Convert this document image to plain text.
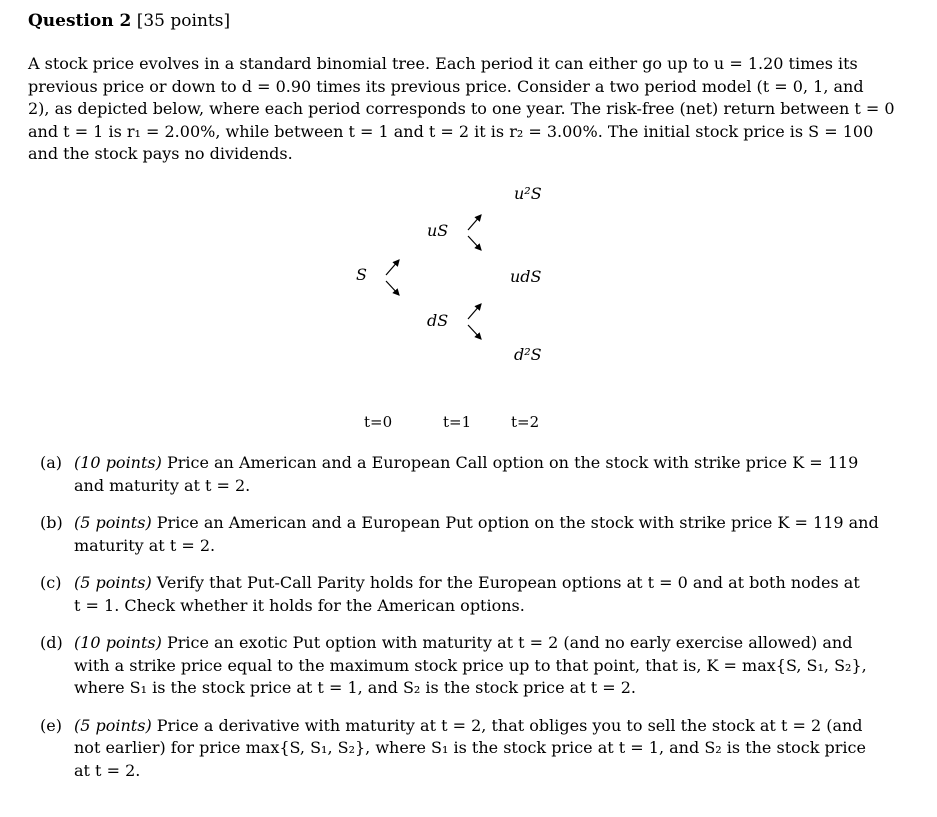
Question 2 [35 points]
A stock price evolves in a standard binomial tree. Each period it can either go up to u = 1.20 times its
previous price or down to d = 0.90 times its previous price. Consider a two period model (t = 0, 1, and
2), as depicted below, where each period corresponds to one year. The risk-free (net) return between t = 0
and t = 1 is r₁ = 2.00%, while between t = 1 and t = 2 it is r₂ = 3.00%. The initial stock price is S = 100
and the stock pays no dividends.
S
uS
dS
u²S
udS
d²S
t=0	t=1	t=2
(a) (10 points) Price an American and a European Call option on the stock with strike price K = 119
and maturity at t = 2.
(b) (5 points) Price an American and a European Put option on the stock with strike price K = 119 and
maturity at t = 2.
(c) (5 points) Verify that Put-Call Parity holds for the European options at t = 0 and at both nodes at
t = 1. Check whether it holds for the American options.
(d) (10 points) Price an exotic Put option with maturity at t = 2 (and no early exercise allowed) and
with a strike price equal to the maximum stock price up to that point, that is, K = max{S, S₁, S₂},
where S₁ is the stock price at t = 1, and S₂ is the stock price at t = 2.
(e) (5 points) Price a derivative with maturity at t = 2, that obliges you to sell the stock at t = 2 (and
not earlier) for price max{S, S₁, S₂}, where S₁ is the stock price at t = 1, and S₂ is the stock price
at t = 2.
